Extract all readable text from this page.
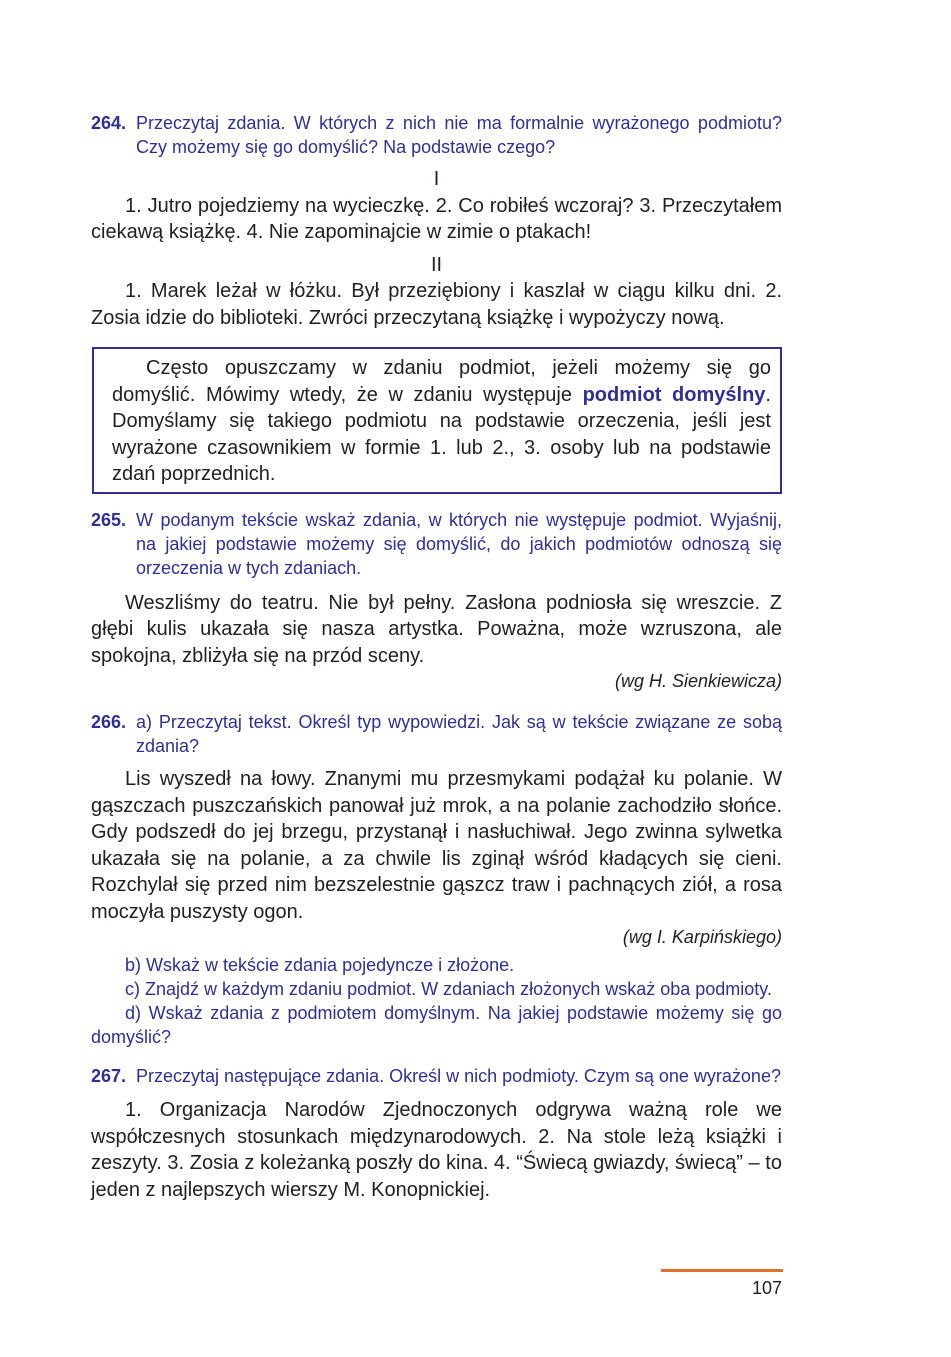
264. Przeczytaj zdania. W których z nich nie ma formalnie wyrażonego podmiotu? Czy możemy się go domyślić? Na podstawie czego?
I
1. Jutro pojedziemy na wycieczkę. 2. Co robiłeś wczoraj? 3. Przeczytałem ciekawą książkę. 4. Nie zapominajcie w zimie o ptakach!
II
1. Marek leżał w łóżku. Był przeziębiony i kaszlał w ciągu kilku dni. 2. Zosia idzie do biblioteki. Zwróci przeczytaną książkę i wypożyczy nową.
Często opuszczamy w zdaniu podmiot, jeżeli możemy się go domyślić. Mówimy wtedy, że w zdaniu występuje podmiot domyślny. Domyślamy się takiego podmiotu na podstawie orzeczenia, jeśli jest wyrażone czasownikiem w formie 1. lub 2., 3. osoby lub na podstawie zdań poprzednich.
265. W podanym tekście wskaż zdania, w których nie występuje podmiot. Wyjaśnij, na jakiej podstawie możemy się domyślić, do jakich podmiotów odnoszą się orzeczenia w tych zdaniach.
Weszliśmy do teatru. Nie był pełny. Zasłona podniosła się wreszcie. Z głębi kulis ukazała się nasza artystka. Poważna, może wzruszona, ale spokojna, zbliżyła się na przód sceny.
(wg H. Sienkiewicza)
266. a) Przeczytaj tekst. Określ typ wypowiedzi. Jak są w tekście związane ze sobą zdania?
Lis wyszedł na łowy. Znanymi mu przesmykami podążał ku polanie. W gąszczach puszczańskich panował już mrok, a na polanie zachodziło słońce. Gdy podszedł do jej brzegu, przystanął i nasłuchiwał. Jego zwinna sylwetka ukazała się na polanie, a za chwile lis zginął wśród kładących się cieni. Rozchylał się przed nim bezszelestnie gąszcz traw i pachnących ziół, a rosa moczyła puszysty ogon.
(wg I. Karpińskiego)
b) Wskaż w tekście zdania pojedyncze i złożone.
c) Znajdź w każdym zdaniu podmiot. W zdaniach złożonych wskaż oba podmioty.
d) Wskaż zdania z podmiotem domyślnym. Na jakiej podstawie możemy się go domyślić?
267. Przeczytaj następujące zdania. Określ w nich podmioty. Czym są one wyrażone?
1. Organizacja Narodów Zjednoczonych odgrywa ważną role we współczesnych stosunkach międzynarodowych. 2. Na stole leżą książki i zeszyty. 3. Zosia z koleżanką poszły do kina. 4. “Świecą gwiazdy, świecą” – to jeden z najlepszych wierszy M. Konopnickiej.
107
